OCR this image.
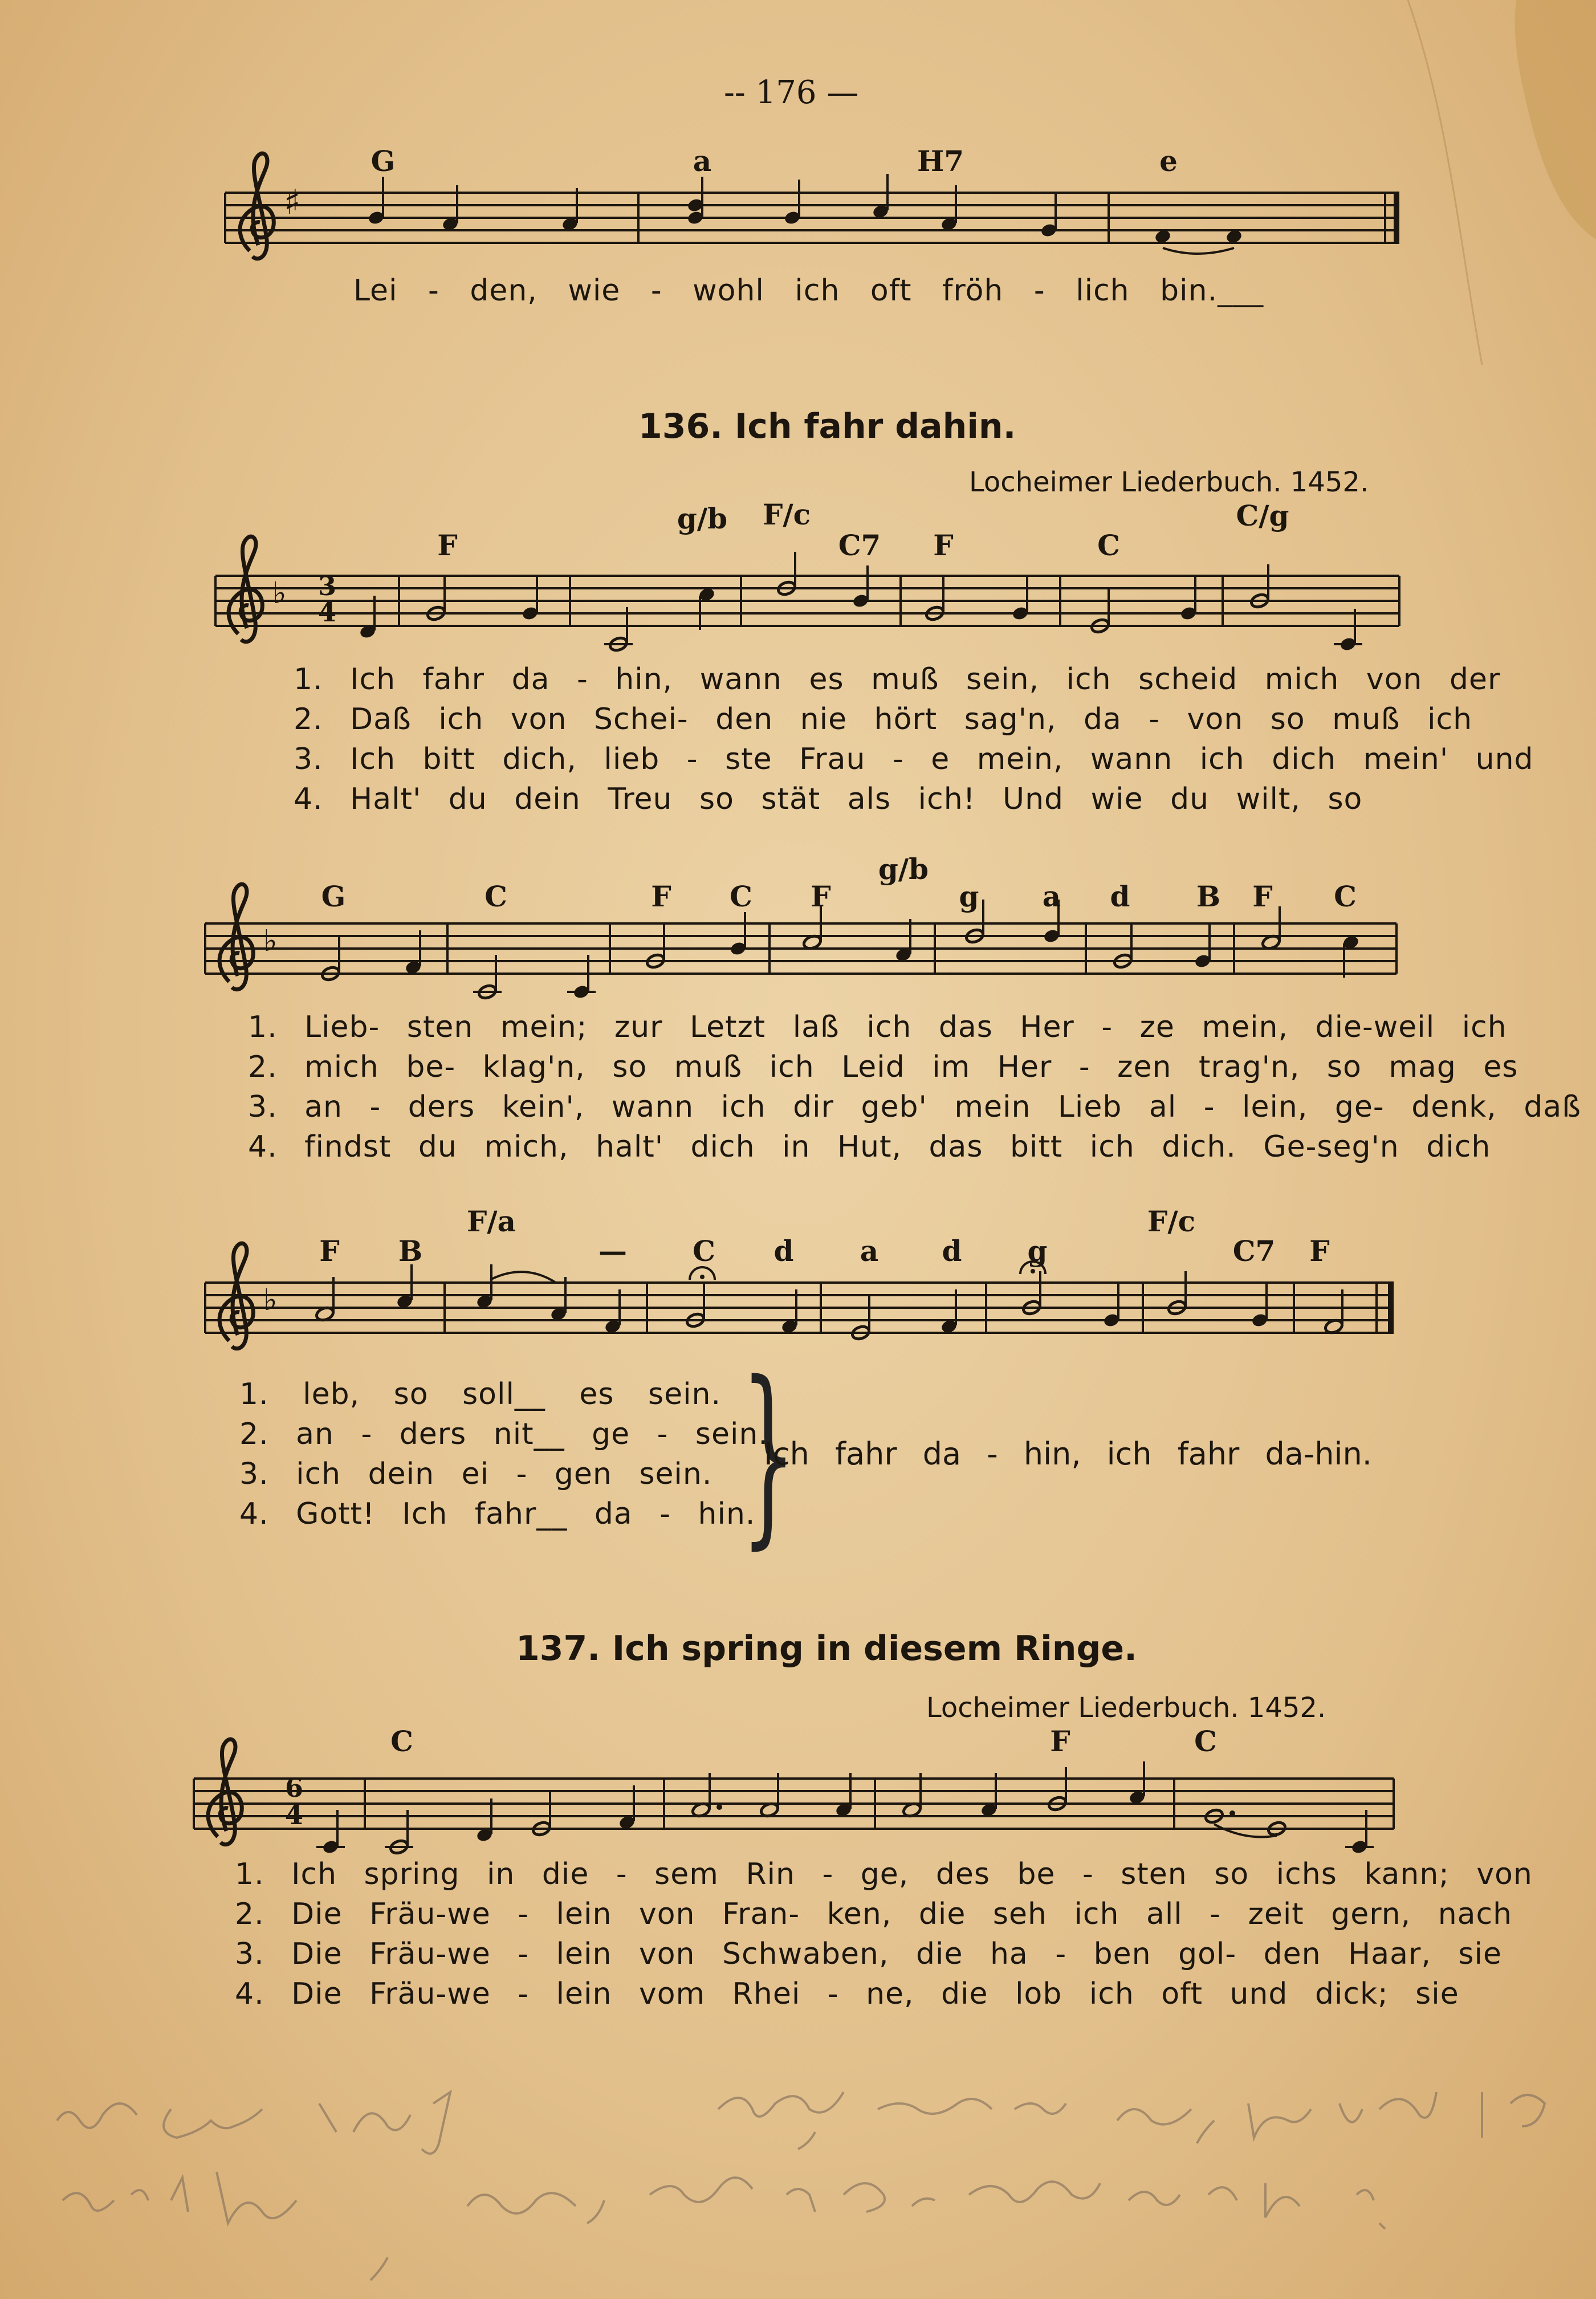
-- 176 —
♯
♭ 3
4
♭
♭
6
4
G	a	H7	e
Lei - den, wie - wohl ich oft fröh - lich bin.___
136. Ich fahr dahin.
Locheimer Liederbuch. 1452.
F
g/b F/c
C7 F	C
C/g
1. Ich fahr da - hin, wann es muß sein, ich scheid mich von der
2. Daß ich von Schei- den nie hört sag'n, da - von so muß ich
3. Ich bitt dich, lieb - ste Frau - e mein, wann ich dich mein' und
4. Halt' du dein Treu so stät als ich! Und wie du wilt, so
G	C	F C F
g/b
g a d B F C
1. Lieb- sten mein; zur Letzt laß ich das Her - ze mein, die-weil ich
2. mich be- klag'n, so muß ich Leid im Her - zen trag'n, so mag es
3. an - ders kein', wann ich dir geb' mein Lieb al - lein, ge- denk, daß
4. findst du mich, halt' dich in Hut, das bitt ich dich. Ge-seg'n dich
F B
F/a
— C d a d g
F/c
C7 F
1. leb, so soll__ es sein.
2. an - ders nit__ ge - sein.
3. ich dein ei - gen sein.
4. Gott! Ich fahr__ da - hin.
}
Ich fahr da - hin, ich fahr da-hin.
137. Ich spring in diesem Ringe.
Locheimer Liederbuch. 1452.
C	F	C
1. Ich spring in die - sem Rin - ge, des be - sten so ichs kann; von
2. Die Fräu-we - lein von Fran- ken, die seh ich all - zeit gern, nach
3. Die Fräu-we - lein von Schwaben, die ha - ben gol- den Haar, sie
4. Die Fräu-we - lein vom Rhei - ne, die lob ich oft und dick; sie
